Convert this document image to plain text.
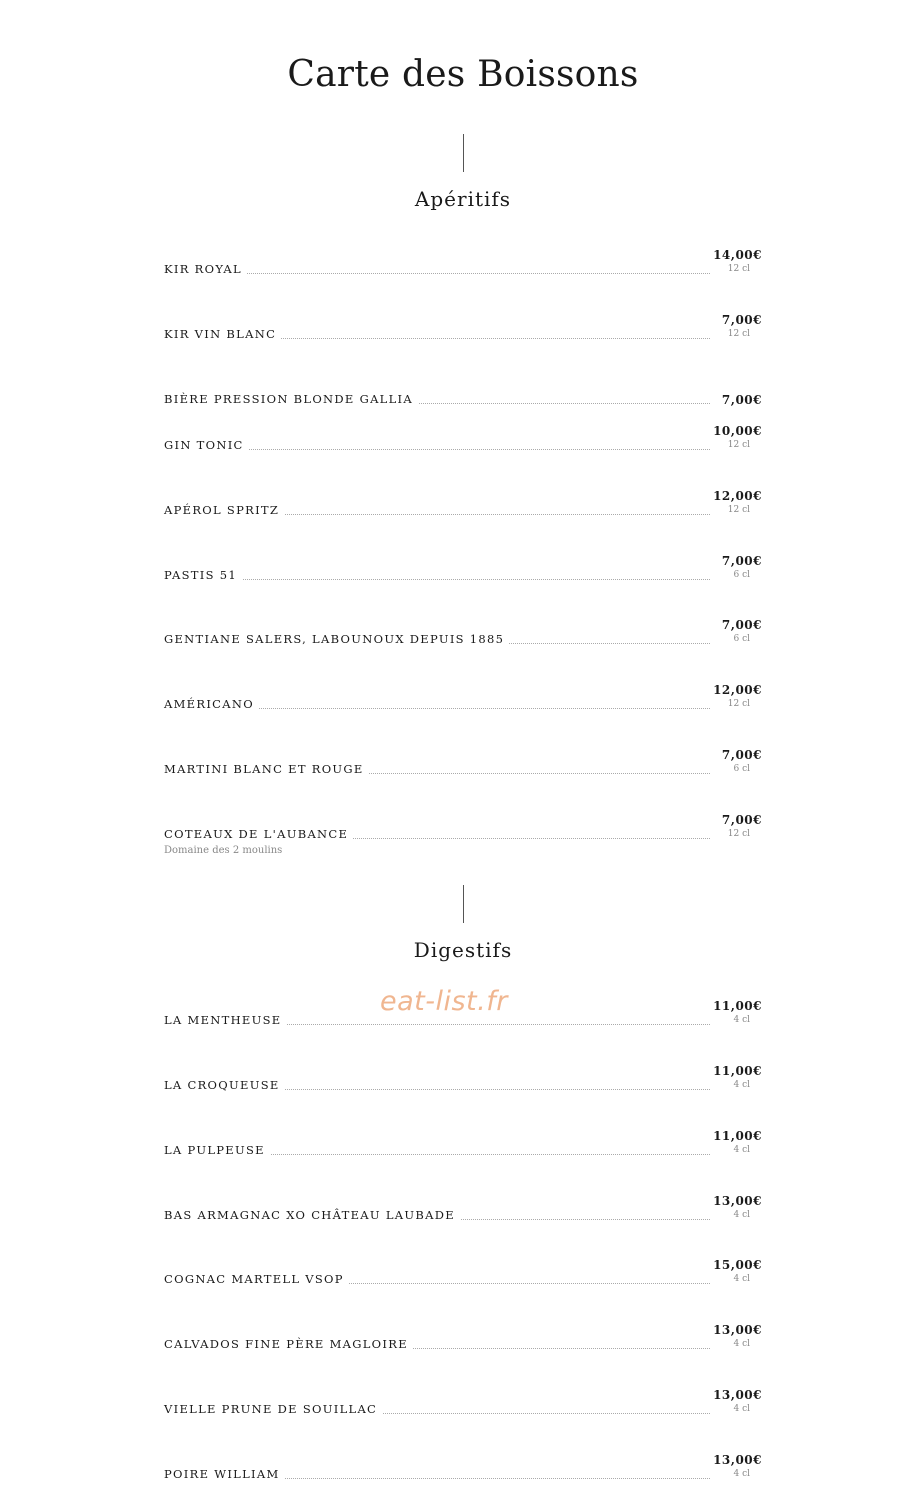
Carte des Boissons
Apéritifs
KIR ROYAL
14,00€
12 cl
KIR VIN BLANC
7,00€
12 cl
BIÈRE PRESSION BLONDE GALLIA	7,00€
GIN TONIC
10,00€
12 cl
APÉROL SPRITZ
12,00€
12 cl
PASTIS 51
7,00€
6 cl
GENTIANE SALERS, LABOUNOUX DEPUIS 1885
7,00€
6 cl
AMÉRICANO
12,00€
12 cl
MARTINI BLANC ET ROUGE
7,00€
6 cl
COTEAUX DE L'AUBANCE
7,00€
12 cl
Domaine des 2 moulins
Digestifs
LA MENTHEUSE
11,00€
4 cl
LA CROQUEUSE
11,00€
4 cl
LA PULPEUSE
11,00€
4 cl
BAS ARMAGNAC XO CHÂTEAU LAUBADE
13,00€
4 cl
COGNAC MARTELL VSOP
15,00€
4 cl
CALVADOS FINE PÈRE MAGLOIRE
13,00€
4 cl
VIELLE PRUNE DE SOUILLAC
13,00€
4 cl
POIRE WILLIAM
13,00€
4 cl
eat-list.fr
